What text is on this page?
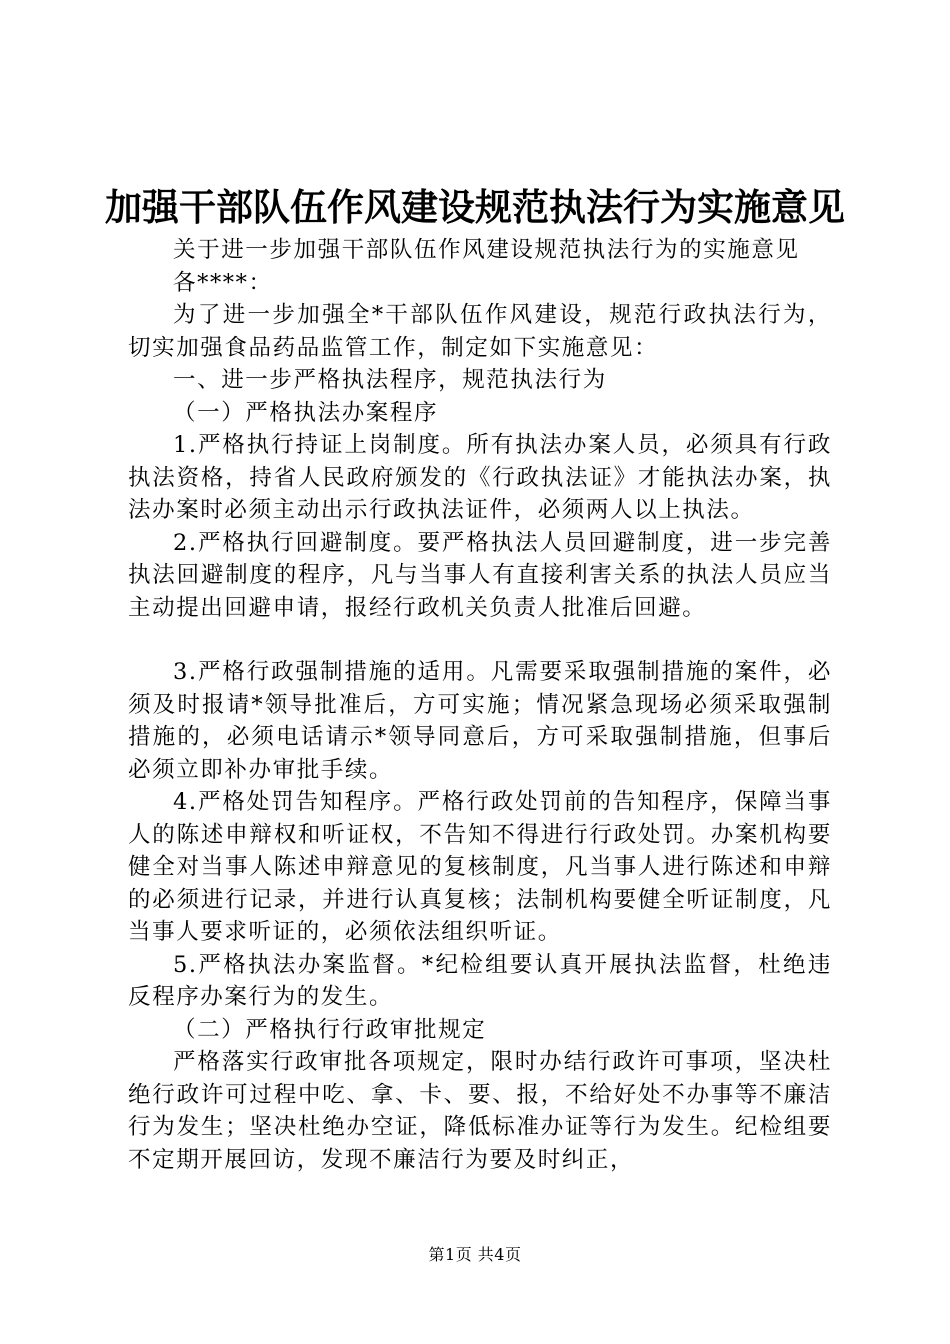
加强干部队伍作风建设规范执法行为实施意见

关于进一步加强干部队伍作风建设规范执法行为的实施意见

各****：

为了进一步加强全*干部队伍作风建设，规范行政执法行为，切实加强食品药品监管工作，制定如下实施意见：

一、进一步严格执法程序，规范执法行为

（一）严格执法办案程序

1.严格执行持证上岗制度。所有执法办案人员，必须具有行政执法资格，持省人民政府颁发的《行政执法证》才能执法办案，执法办案时必须主动出示行政执法证件，必须两人以上执法。

2.严格执行回避制度。要严格执法人员回避制度，进一步完善执法回避制度的程序，凡与当事人有直接利害关系的执法人员应当主动提出回避申请，报经行政机关负责人批准后回避。

3.严格行政强制措施的适用。凡需要采取强制措施的案件，必须及时报请*领导批准后，方可实施；情况紧急现场必须采取强制措施的，必须电话请示*领导同意后，方可采取强制措施，但事后必须立即补办审批手续。

4.严格处罚告知程序。严格行政处罚前的告知程序，保障当事人的陈述申辩权和听证权，不告知不得进行行政处罚。办案机构要健全对当事人陈述申辩意见的复核制度，凡当事人进行陈述和申辩的必须进行记录，并进行认真复核；法制机构要健全听证制度，凡当事人要求听证的，必须依法组织听证。

5.严格执法办案监督。*纪检组要认真开展执法监督，杜绝违反程序办案行为的发生。

（二）严格执行行政审批规定

严格落实行政审批各项规定，限时办结行政许可事项，坚决杜绝行政许可过程中吃、拿、卡、要、报，不给好处不办事等不廉洁行为发生；坚决杜绝办空证，降低标准办证等行为发生。纪检组要不定期开展回访，发现不廉洁行为要及时纠正，

第1页 共4页
